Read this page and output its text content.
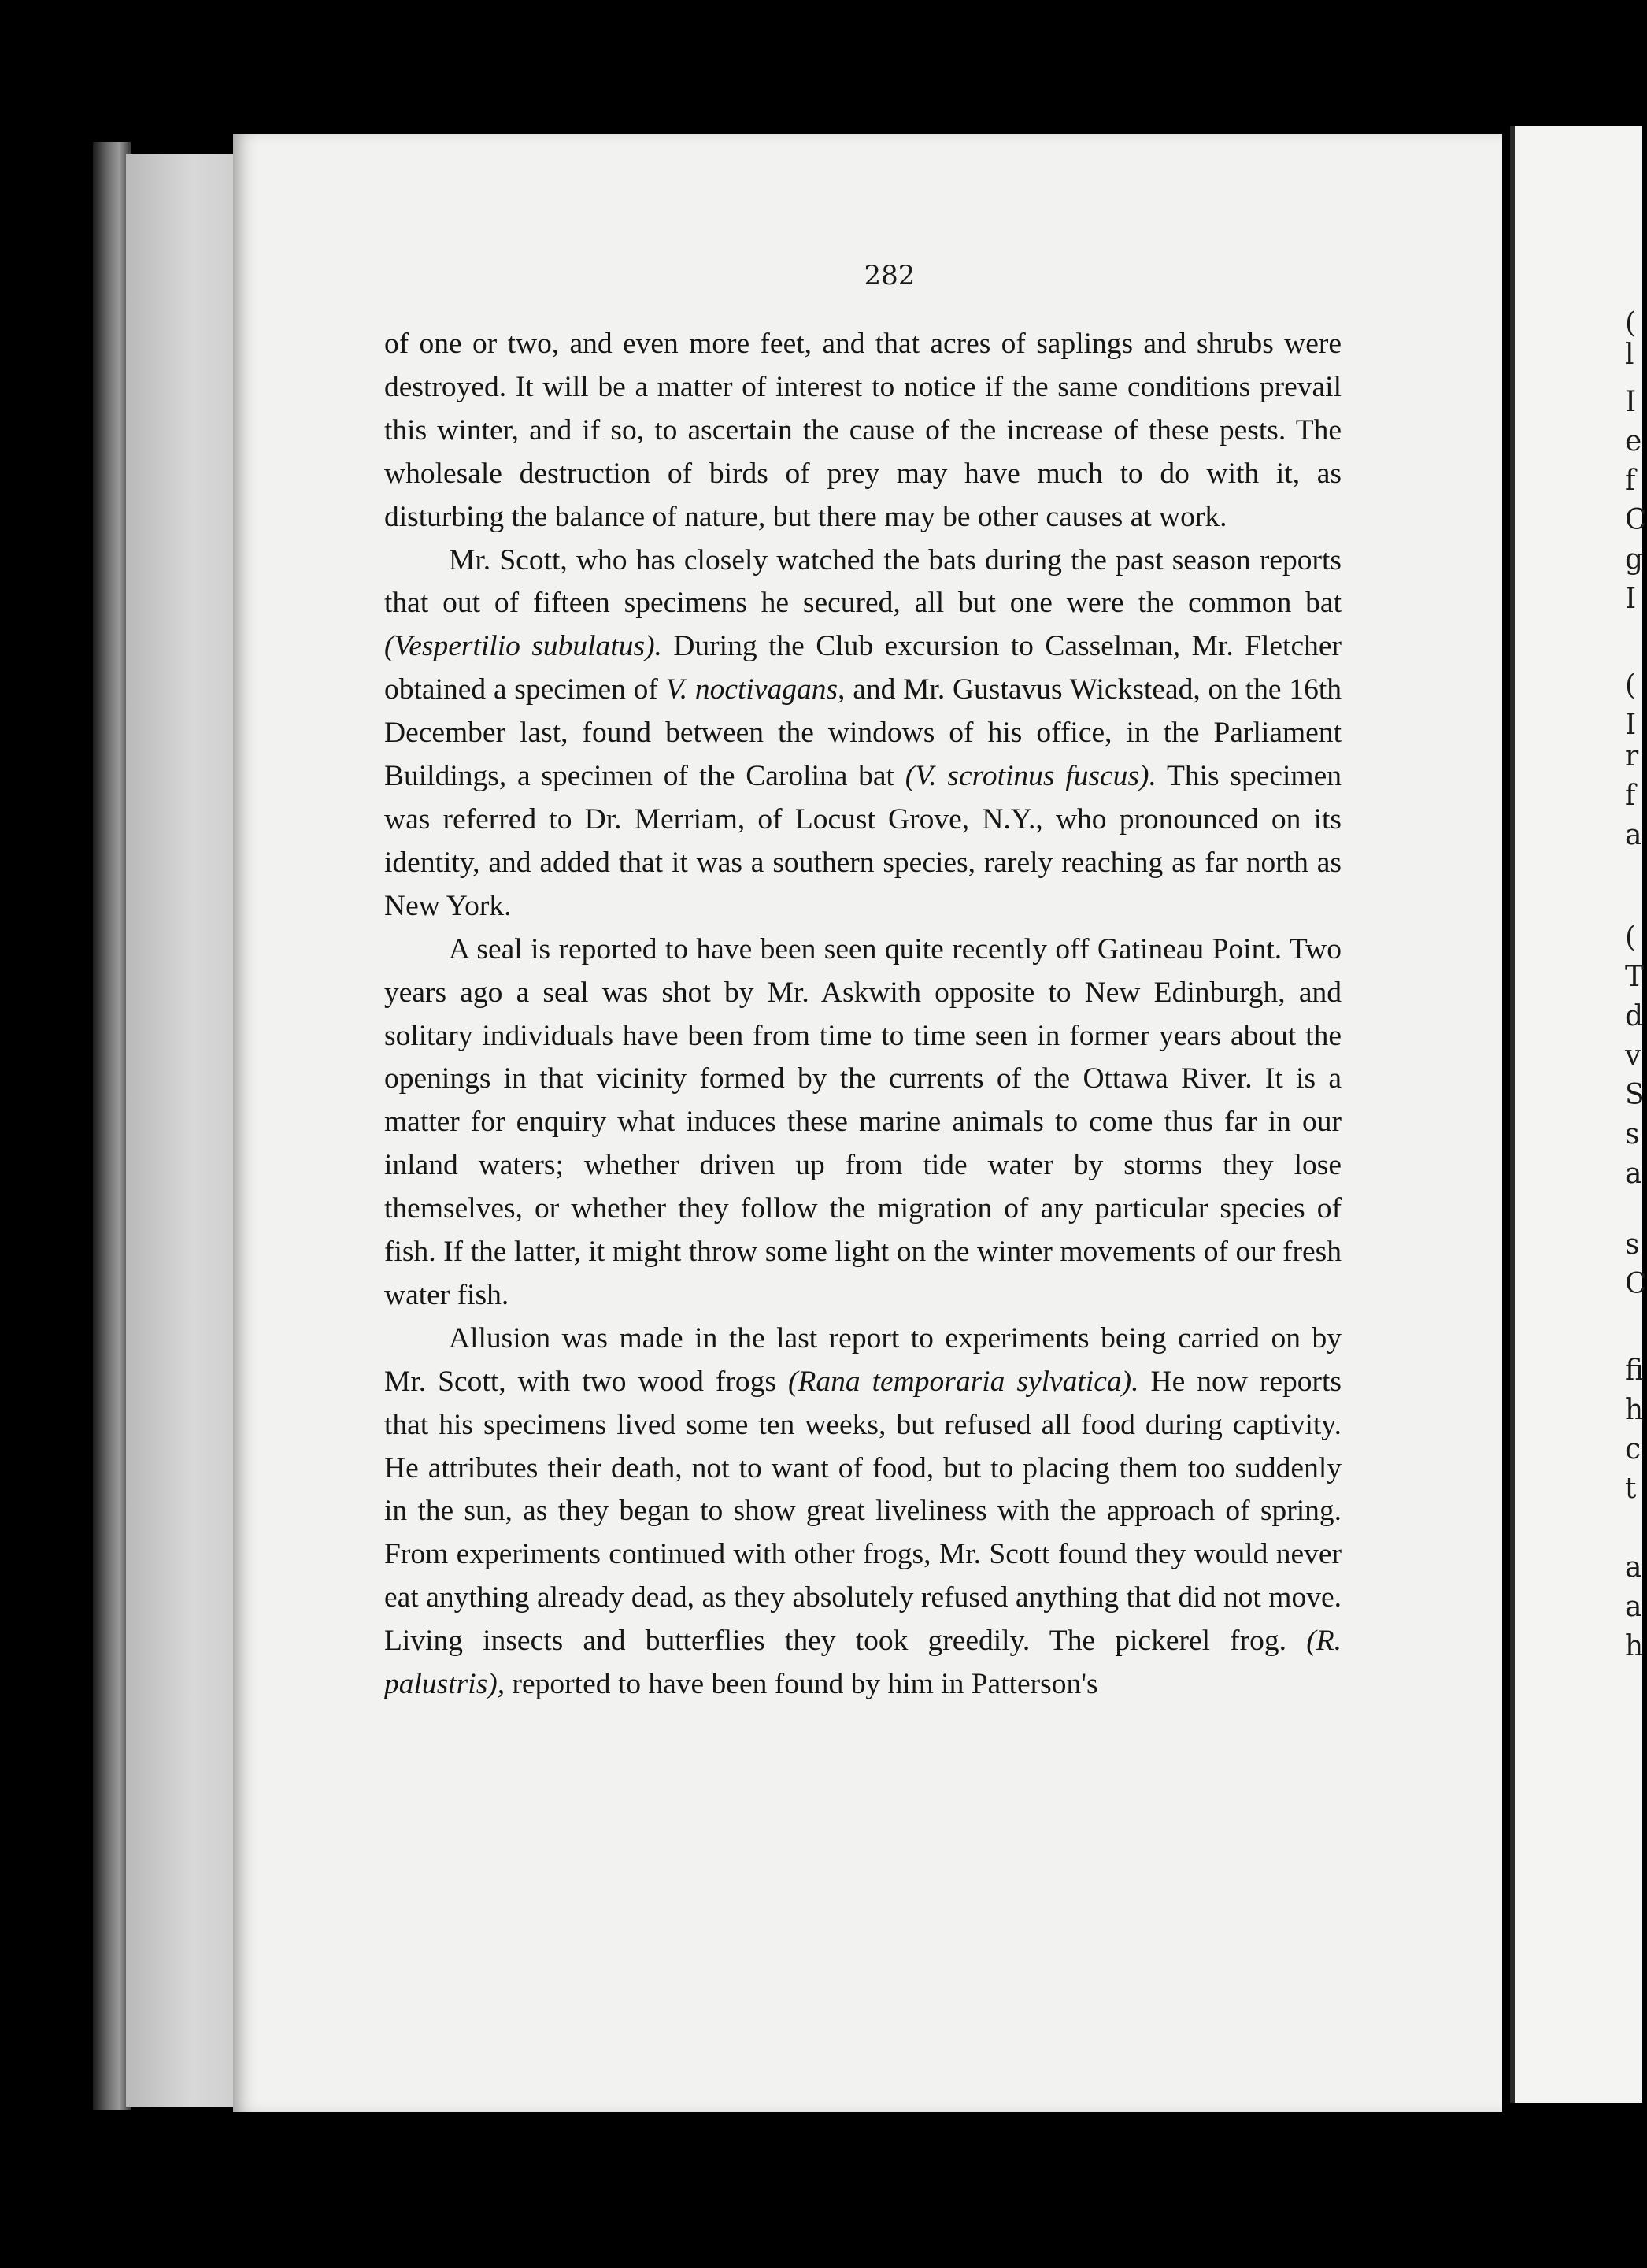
282

of one or two, and even more feet, and that acres of saplings and shrubs were destroyed. It will be a matter of interest to notice if the same conditions prevail this winter, and if so, to ascertain the cause of the increase of these pests. The wholesale destruction of birds of prey may have much to do with it, as disturbing the balance of nature, but there may be other causes at work.

Mr. Scott, who has closely watched the bats during the past season reports that out of fifteen specimens he secured, all but one were the common bat (Vespertilio subulatus). During the Club excursion to Casselman, Mr. Fletcher obtained a specimen of V. noctivagans, and Mr. Gustavus Wickstead, on the 16th December last, found between the windows of his office, in the Parliament Buildings, a specimen of the Carolina bat (V. scrotinus fuscus). This specimen was referred to Dr. Merriam, of Locust Grove, N.Y., who pronounced on its identity, and added that it was a southern species, rarely reaching as far north as New York.

A seal is reported to have been seen quite recently off Gatineau Point. Two years ago a seal was shot by Mr. Askwith opposite to New Edinburgh, and solitary individuals have been from time to time seen in former years about the openings in that vicinity formed by the currents of the Ottawa River. It is a matter for enquiry what induces these marine animals to come thus far in our inland waters; whether driven up from tide water by storms they lose themselves, or whether they follow the migration of any particular species of fish. If the latter, it might throw some light on the winter movements of our fresh water fish.

Allusion was made in the last report to experiments being carried on by Mr. Scott, with two wood frogs (Rana temporaria sylvatica). He now reports that his specimens lived some ten weeks, but refused all food during captivity. He attributes their death, not to want of food, but to placing them too suddenly in the sun, as they began to show great liveliness with the approach of spring. From experiments continued with other frogs, Mr. Scott found they would never eat anything already dead, as they absolutely refused anything that did not move. Living insects and butterflies they took greedily. The pickerel frog. (R. palustris), reported to have been found by him in Patterson's

(
l
I
e
f
C
g
I
(
I
r
f
a
(
T
d
v
S
s
a
s
C
fi
h
c
t
a
a
h
